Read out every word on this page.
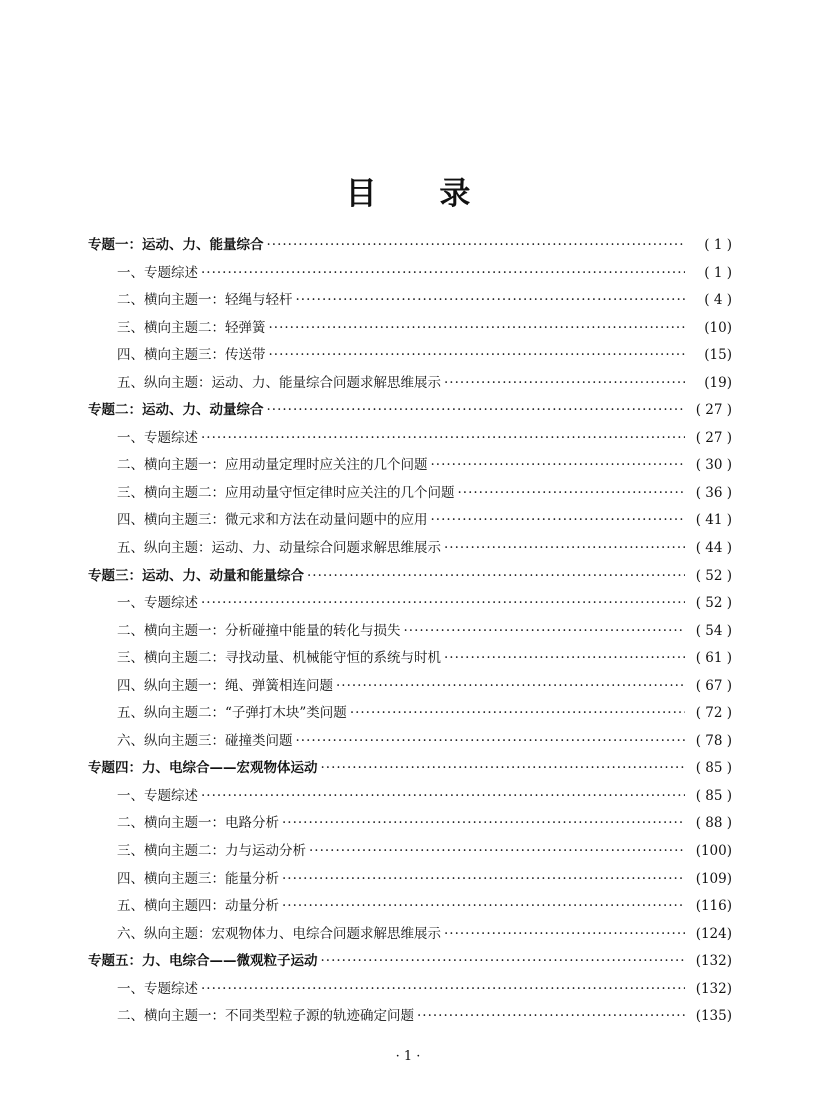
目 录
专题一：运动、力、能量综合 ·····	( 1 )
一、专题综述 ·····	( 1 )
二、横向主题一：轻绳与轻杆 ·····	( 4 )
三、横向主题二：轻弹簧 ·····	(10)
四、横向主题三：传送带 ·····	(15)
五、纵向主题：运动、力、能量综合问题求解思维展示 ·····	(19)
专题二：运动、力、动量综合 ·····	( 27 )
一、专题综述 ·····	( 27 )
二、横向主题一：应用动量定理时应关注的几个问题 ·····	( 30 )
三、横向主题二：应用动量守恒定律时应关注的几个问题 ·····	( 36 )
四、横向主题三：微元求和方法在动量问题中的应用 ·····	( 41 )
五、纵向主题：运动、力、动量综合问题求解思维展示 ·····	( 44 )
专题三：运动、力、动量和能量综合 ·····	( 52 )
一、专题综述 ·····	( 52 )
二、横向主题一：分析碰撞中能量的转化与损失 ·····	( 54 )
三、横向主题二：寻找动量、机械能守恒的系统与时机 ·····	( 61 )
四、纵向主题一：绳、弹簧相连问题 ·····	( 67 )
五、纵向主题二：“子弹打木块”类问题 ·····	( 72 )
六、纵向主题三：碰撞类问题 ·····	( 78 )
专题四：力、电综合——宏观物体运动 ·····	( 85 )
一、专题综述 ·····	( 85 )
二、横向主题一：电路分析 ·····	( 88 )
三、横向主题二：力与运动分析 ·····	(100)
四、横向主题三：能量分析 ·····	(109)
五、横向主题四：动量分析 ·····	(116)
六、纵向主题：宏观物体力、电综合问题求解思维展示 ·····	(124)
专题五：力、电综合——微观粒子运动 ·····	(132)
一、专题综述 ·····	(132)
二、横向主题一：不同类型粒子源的轨迹确定问题 ·····	(135)
· 1 ·
